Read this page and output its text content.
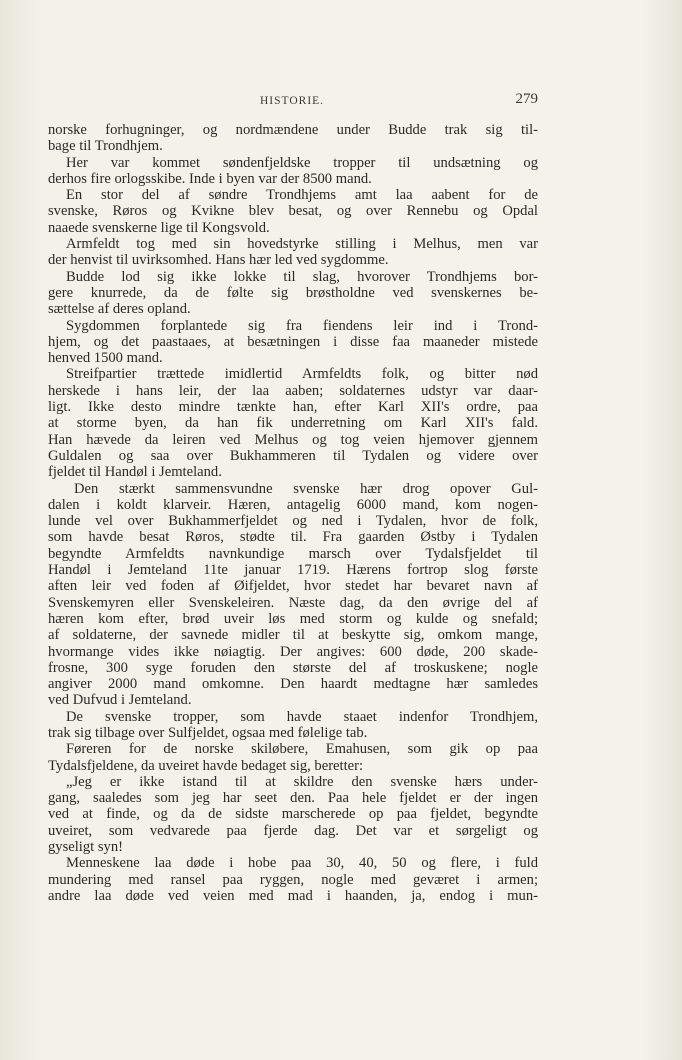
HISTORIE.	279

norske forhugninger, og nordmændene under Budde trak sig til-
bage til Trondhjem.

Her var kommet søndenfjeldske tropper til undsætning og
derhos fire orlogsskibe. Inde i byen var der 8500 mand.

En stor del af søndre Trondhjems amt laa aabent for de
svenske, Røros og Kvikne blev besat, og over Rennebu og Opdal
naaede svenskerne lige til Kongsvold.

Armfeldt tog med sin hovedstyrke stilling i Melhus, men var
der henvist til uvirksomhed. Hans hær led ved sygdomme.

Budde lod sig ikke lokke til slag, hvorover Trondhjems bor-
gere knurrede, da de følte sig brøstholdne ved svenskernes be-
sættelse af deres opland.

Sygdommen forplantede sig fra fiendens leir ind i Trond-
hjem, og det paastaaes, at besætningen i disse faa maaneder mistede
henved 1500 mand.

Streifpartier trættede imidlertid Armfeldts folk, og bitter nød
herskede i hans leir, der laa aaben; soldaternes udstyr var daar-
ligt. Ikke desto mindre tænkte han, efter Karl XII's ordre, paa
at storme byen, da han fik underretning om Karl XII's fald.
Han hævede da leiren ved Melhus og tog veien hjemover gjennem
Guldalen og saa over Bukhammeren til Tydalen og videre over
fjeldet til Handøl i Jemteland.

Den stærkt sammensvundne svenske hær drog opover Gul-
dalen i koldt klarveir. Hæren, antagelig 6000 mand, kom nogen-
lunde vel over Bukhammerfjeldet og ned i Tydalen, hvor de folk,
som havde besat Røros, stødte til. Fra gaarden Østby i Tydalen
begyndte Armfeldts navnkundige marsch over Tydalsfjeldet til
Handøl i Jemteland 11te januar 1719. Hærens fortrop slog første
aften leir ved foden af Øifjeldet, hvor stedet har bevaret navn af
Svenskemyren eller Svenskeleiren. Næste dag, da den øvrige del af
hæren kom efter, brød uveir løs med storm og kulde og snefald;
af soldaterne, der savnede midler til at beskytte sig, omkom mange,
hvormange vides ikke nøiagtig. Der angives: 600 døde, 200 skade-
frosne, 300 syge foruden den største del af troskuskene; nogle
angiver 2000 mand omkomne. Den haardt medtagne hær samledes
ved Dufvud i Jemteland.

De svenske tropper, som havde staaet indenfor Trondhjem,
trak sig tilbage over Sulfjeldet, ogsaa med følelige tab.

Føreren for de norske skiløbere, Emahusen, som gik op paa
Tydalsfjeldene, da uveiret havde bedaget sig, beretter:

„Jeg er ikke istand til at skildre den svenske hærs under-
gang, saaledes som jeg har seet den. Paa hele fjeldet er der ingen
ved at finde, og da de sidste marscherede op paa fjeldet, begyndte
uveiret, som vedvarede paa fjerde dag. Det var et sørgeligt og
gyseligt syn!

Menneskene laa døde i hobe paa 30, 40, 50 og flere, i fuld
mundering med ransel paa ryggen, nogle med geværet i armen;
andre laa døde ved veien med mad i haanden, ja, endog i mun-
